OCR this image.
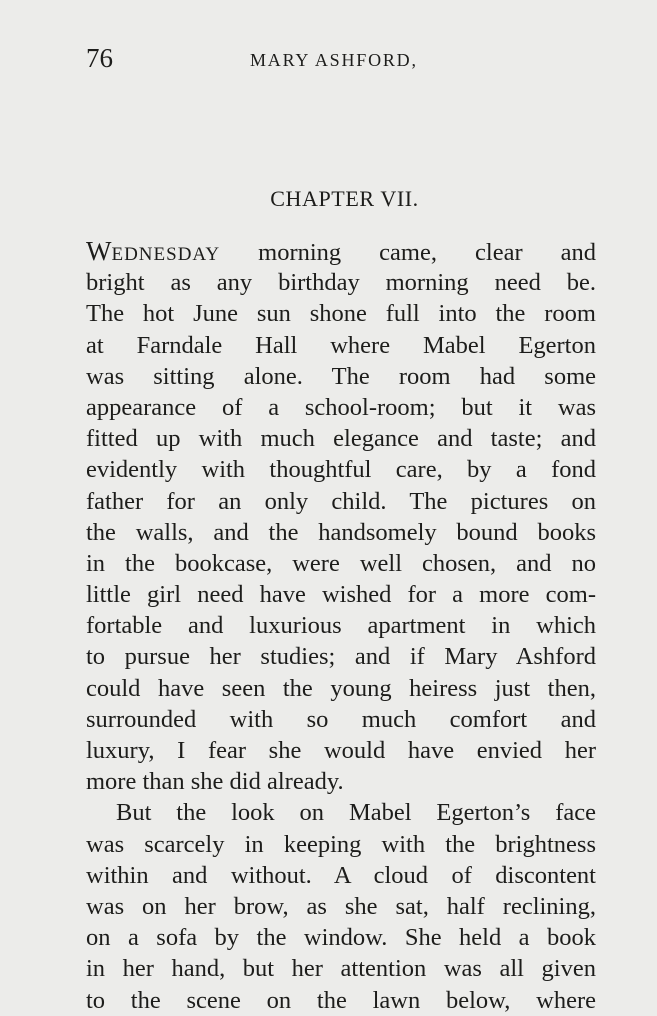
76	MARY ASHFORD,
CHAPTER VII.
WEDNESDAY morning came, clear and
bright as any birthday morning need be.
The hot June sun shone full into the room
at Farndale Hall where Mabel Egerton
was sitting alone. The room had some
appearance of a school-room; but it was
fitted up with much elegance and taste; and
evidently with thoughtful care, by a fond
father for an only child. The pictures on
the walls, and the handsomely bound books
in the bookcase, were well chosen, and no
little girl need have wished for a more com-
fortable and luxurious apartment in which
to pursue her studies; and if Mary Ashford
could have seen the young heiress just then,
surrounded with so much comfort and
luxury, I fear she would have envied her
more than she did already.
But the look on Mabel Egerton’s face
was scarcely in keeping with the brightness
within and without. A cloud of discontent
was on her brow, as she sat, half reclining,
on a sofa by the window. She held a book
in her hand, but her attention was all given
to the scene on the lawn below, where
